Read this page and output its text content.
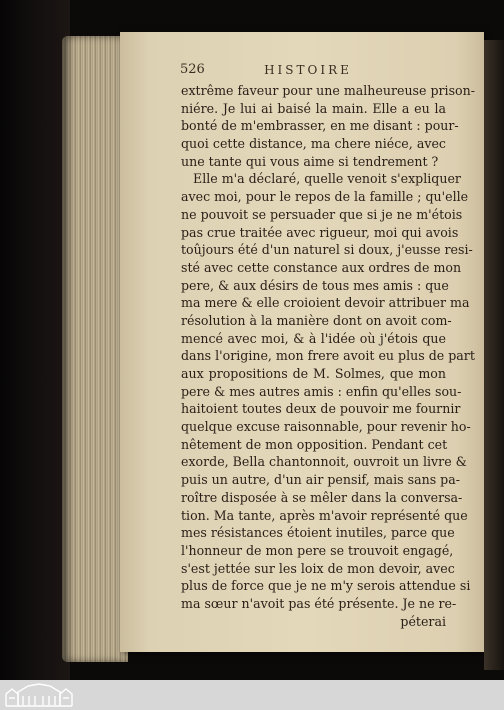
526	HISTOIRE
extrême faveur pour une malheureuse prison-
niére. Je lui ai baisé la main. Elle a eu la
bonté de m'embrasser, en me disant : pour-
quoi cette distance, ma chere niéce, avec
une tante qui vous aime si tendrement ?
Elle m'a déclaré, quelle venoit s'expliquer
avec moi, pour le repos de la famille ; qu'elle
ne pouvoit se persuader que si je ne m'étois
pas crue traitée avec rigueur, moi qui avois
toûjours été d'un naturel si doux, j'eusse resi-
sté avec cette constance aux ordres de mon
pere, & aux désirs de tous mes amis : que
ma mere & elle croioient devoir attribuer ma
résolution à la manière dont on avoit com-
mencé avec moi, & à l'idée où j'étois que
dans l'origine, mon frere avoit eu plus de part
aux propositions de M. Solmes, que mon
pere & mes autres amis : enfin qu'elles sou-
haitoient toutes deux de pouvoir me fournir
quelque excuse raisonnable, pour revenir ho-
nêtement de mon opposition. Pendant cet
exorde, Bella chantonnoit, ouvroit un livre &
puis un autre, d'un air pensif, mais sans pa-
roître disposée à se mêler dans la conversa-
tion. Ma tante, après m'avoir représenté que
mes résistances étoient inutiles, parce que
l'honneur de mon pere se trouvoit engagé,
s'est jettée sur les loix de mon devoir, avec
plus de force que je ne m'y serois attendue si
ma sœur n'avoit pas été présente. Je ne re-
péterai
